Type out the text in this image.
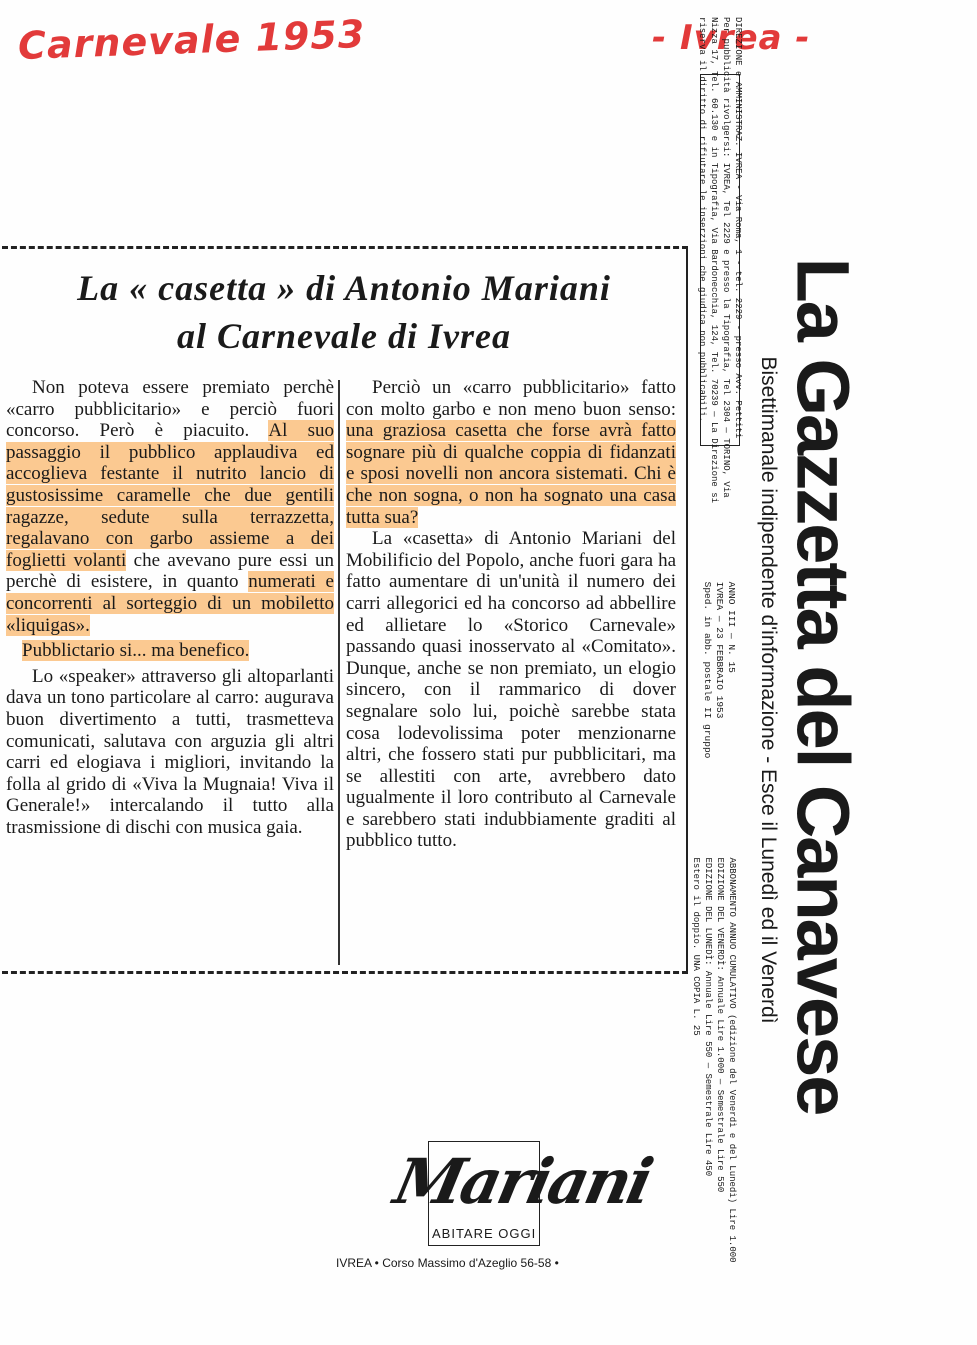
Carnevale 1953	- Ivrea -
DIREZIONE e AMMINISTRAZ. IVREA - Via Roma, 1 - tel. 2229 - presso Avv. Pettiti
Per pubblicità rivolgersi: IVREA, Tel 2229 e presso la Tipografia, Tel 2304 — TORINO, Via
Nizza 17, Tel. 60.130 e in Tipografia, Via Bardonecchia, 124, Tel. 70239 — La Direzione si
riserva il diritto di rifiutare le inserzioni che giudica non pubblicabili.
La Gazzetta del Canavese
Bisettimanale indipendente d'informazione - Esce il Lunedì ed il Venerdì
ANNO III — N. 15
IVREA — 23 FEBBRAIO 1953
Sped. in abb. postale II gruppo
ABBONAMENTO ANNUO CUMULATIVO (edizione del Venerdì e del Lunedì) Lire 1.000
EDIZIONE DEL VENERDÌ: Annuale Lire 1.000 — Semestrale Lire 550
EDIZIONE DEL LUNEDÌ: Annuale Lire 550 — Semestrale Lire 450
Estero il doppio. UNA COPIA L. 25
La « casetta » di Antonio Mariani
al Carnevale di Ivrea

Non poteva essere premiato perchè «carro pubblicitario» e perciò fuori concorso. Però è piacuito. Al suo passaggio il pubblico applaudiva ed accoglieva festante il nutrito lancio di gustosissime caramelle che due gentili ragazze, sedute sulla terrazzetta, regalavano con garbo assieme a dei foglietti volanti che avevano pure essi un perchè di esistere, in quanto numerati e concorrenti al sorteggio di un mobiletto «liquigas».

Pubblictario si... ma benefico.

Lo «speaker» attraverso gli altoparlanti dava un tono particolare al carro: augurava buon divertimento a tutti, trasmetteva comunicati, salutava con arguzia gli altri carri ed elogiava i migliori, invitando la folla al grido di «Viva la Mugnaia! Viva il Generale!» intercalando il tutto alla trasmissione di dischi con musica gaia.

Perciò un «carro pubblicitario» fatto con molto garbo e non meno buon senso: una graziosa casetta che forse avrà fatto sognare più di qualche coppia di fidanzati e sposi novelli non ancora sistemati. Chi è che non sogna, o non ha sognato una casa tutta sua?

La «casetta» di Antonio Mariani del Mobilificio del Popolo, anche fuori gara ha fatto aumentare di un'unità il numero dei carri allegorici ed ha concorso ad abbellire ed allietare lo «Storico Carnevale» passando quasi inosservato al «Comitato». Dunque, anche se non premiato, un elogio sincero, con il rammarico di dover segnalare solo lui, poichè sarebbe stata cosa lodevolissima poter menzionarne altri, che fossero stati pur pubblicitari, ma se allestiti con arte, avrebbero dato ugualmente il loro contributo al Carnevale e sarebbero stati indubbiamente graditi al pubblico tutto.

Mariani
ABITARE OGGI
IVREA • Corso Massimo d'Azeglio 56-58 •
